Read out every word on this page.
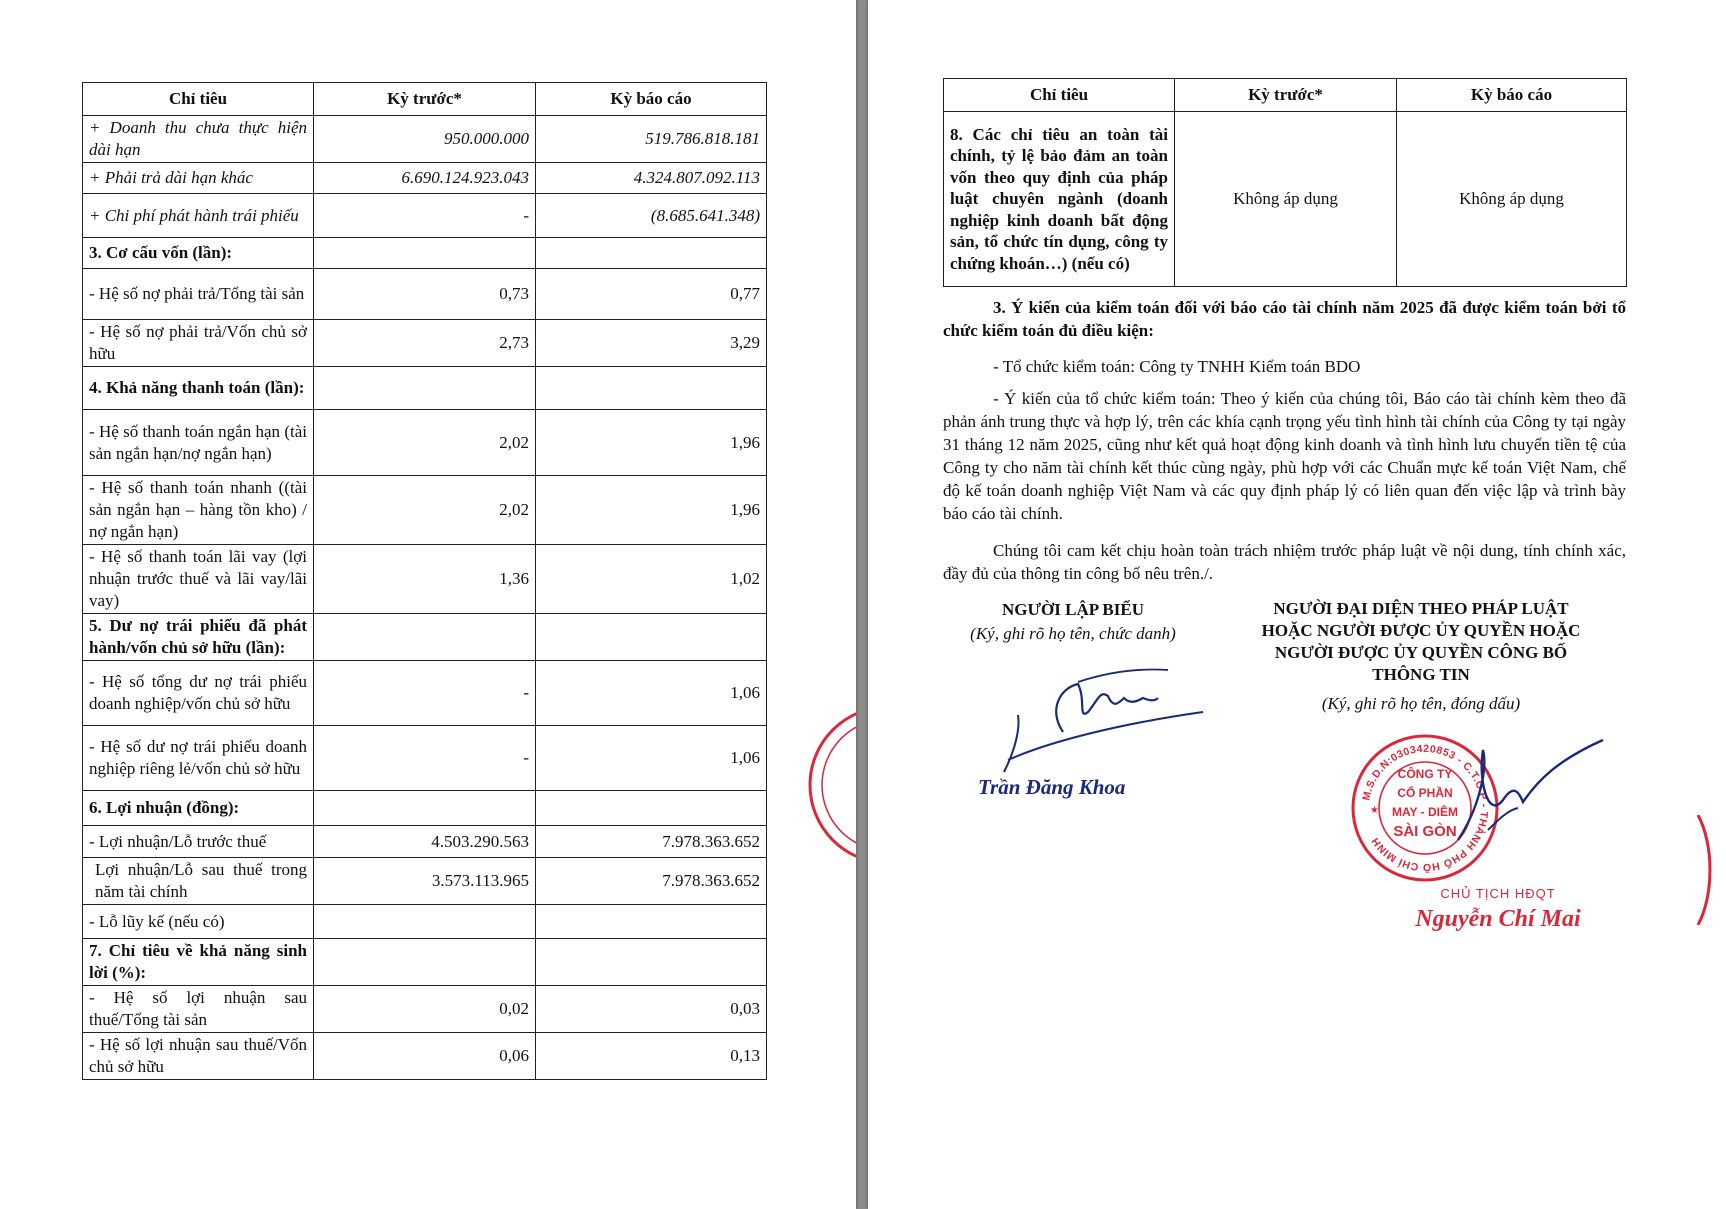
Chỉ tiêu	Kỳ trước*	Kỳ báo cáo
+ Doanh thu chưa thực hiện dài hạn	950.000.000	519.786.818.181
+ Phải trả dài hạn khác	6.690.124.923.043	4.324.807.092.113
+ Chi phí phát hành trái phiếu	-	(8.685.641.348)
3. Cơ cấu vốn (lần):		
- Hệ số nợ phải trả/Tổng tài sản	0,73	0,77
- Hệ số nợ phải trả/Vốn chủ sở hữu	2,73	3,29
4. Khả năng thanh toán (lần):		
- Hệ số thanh toán ngắn hạn (tài sản ngắn hạn/nợ ngắn hạn)	2,02	1,96
- Hệ số thanh toán nhanh ((tài sản ngắn hạn – hàng tồn kho) / nợ ngắn hạn)	2,02	1,96
- Hệ số thanh toán lãi vay (lợi nhuận trước thuế và lãi vay/lãi vay)	1,36	1,02
5. Dư nợ trái phiếu đã phát hành/vốn chủ sở hữu (lần):		
- Hệ số tổng dư nợ trái phiếu doanh nghiệp/vốn chủ sở hữu	-	1,06
- Hệ số dư nợ trái phiếu doanh nghiệp riêng lẻ/vốn chủ sở hữu	-	1,06
6. Lợi nhuận (đồng):		
- Lợi nhuận/Lỗ trước thuế	4.503.290.563	7.978.363.652
Lợi nhuận/Lỗ sau thuế trong năm tài chính	3.573.113.965	7.978.363.652
- Lỗ lũy kế (nếu có)		
7. Chỉ tiêu về khả năng sinh lời (%):		
- Hệ số lợi nhuận sau thuế/Tổng tài sản	0,02	0,03
- Hệ số lợi nhuận sau thuế/Vốn chủ sở hữu	0,06	0,13
Chỉ tiêu	Kỳ trước*	Kỳ báo cáo
8. Các chỉ tiêu an toàn tài chính, tỷ lệ bảo đảm an toàn vốn theo quy định của pháp luật chuyên ngành (doanh nghiệp kinh doanh bất động sản, tổ chức tín dụng, công ty chứng khoán…) (nếu có)	Không áp dụng	Không áp dụng
3. Ý kiến của kiểm toán đối với báo cáo tài chính năm 2025 đã được kiểm toán bởi tổ chức kiểm toán đủ điều kiện:
- Tổ chức kiểm toán: Công ty TNHH Kiểm toán BDO
- Ý kiến của tổ chức kiểm toán: Theo ý kiến của chúng tôi, Báo cáo tài chính kèm theo đã phản ánh trung thực và hợp lý, trên các khía cạnh trọng yếu tình hình tài chính của Công ty tại ngày 31 tháng 12 năm 2025, cũng như kết quả hoạt động kinh doanh và tình hình lưu chuyển tiền tệ của Công ty cho năm tài chính kết thúc cùng ngày, phù hợp với các Chuẩn mực kế toán Việt Nam, chế độ kế toán doanh nghiệp Việt Nam và các quy định pháp lý có liên quan đến việc lập và trình bày báo cáo tài chính.
Chúng tôi cam kết chịu hoàn toàn trách nhiệm trước pháp luật về nội dung, tính chính xác, đầy đủ của thông tin công bố nêu trên./.
NGƯỜI LẬP BIỂU
(Ký, ghi rõ họ tên, chức danh)
Trần Đăng Khoa
NGƯỜI ĐẠI DIỆN THEO PHÁP LUẬT
HOẶC NGƯỜI ĐƯỢC ỦY QUYỀN HOẶC
NGƯỜI ĐƯỢC ỦY QUYỀN CÔNG BỐ
THÔNG TIN
(Ký, ghi rõ họ tên, đóng dấu)
M.S.D.N:0303420853 - C.T.C.P - THÀNH PHỐ HỒ CHÍ MINH
★
CÔNG TY
CỔ PHẦN
MAY - DIÊM
SÀI GÒN
CHỦ TỊCH HĐQT
Nguyễn Chí Mai
